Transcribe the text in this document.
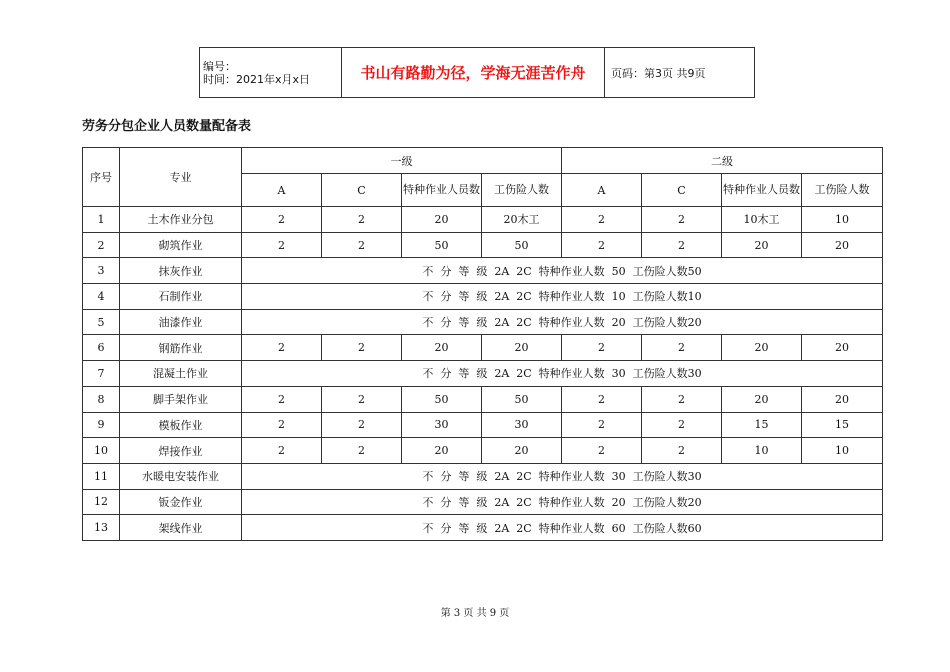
编号：
时间：2021年x月x日	书山有路勤为径，学海无涯苦作舟	页码：第3页 共9页
劳务分包企业人员数量配备表
序号	专业	一级				二级			
		A	C	特种作业人员数	工伤险人数	A	C	特种作业人员数	工伤险人数
1	土木作业分包	2	2	20	20木工	2	2	10木工	10
2	砌筑作业	2	2	50	50	2	2	20	20
3	抹灰作业	不  分  等  级  2A  2C  特种作业人数  50  工伤险人数50							
4	石制作业	不  分  等  级  2A  2C  特种作业人数  10  工伤险人数10							
5	油漆作业	不  分  等  级  2A  2C  特种作业人数  20  工伤险人数20							
6	钢筋作业	2	2	20	20	2	2	20	20
7	混凝土作业	不  分  等  级  2A  2C  特种作业人数  30  工伤险人数30							
8	脚手架作业	2	2	50	50	2	2	20	20
9	模板作业	2	2	30	30	2	2	15	15
10	焊接作业	2	2	20	20	2	2	10	10
11	水暖电安装作业	不  分  等  级  2A  2C  特种作业人数  30  工伤险人数30							
12	钣金作业	不  分  等  级  2A  2C  特种作业人数  20  工伤险人数20							
13	架线作业	不  分  等  级  2A  2C  特种作业人数  60  工伤险人数60							
第 3 页 共 9 页
